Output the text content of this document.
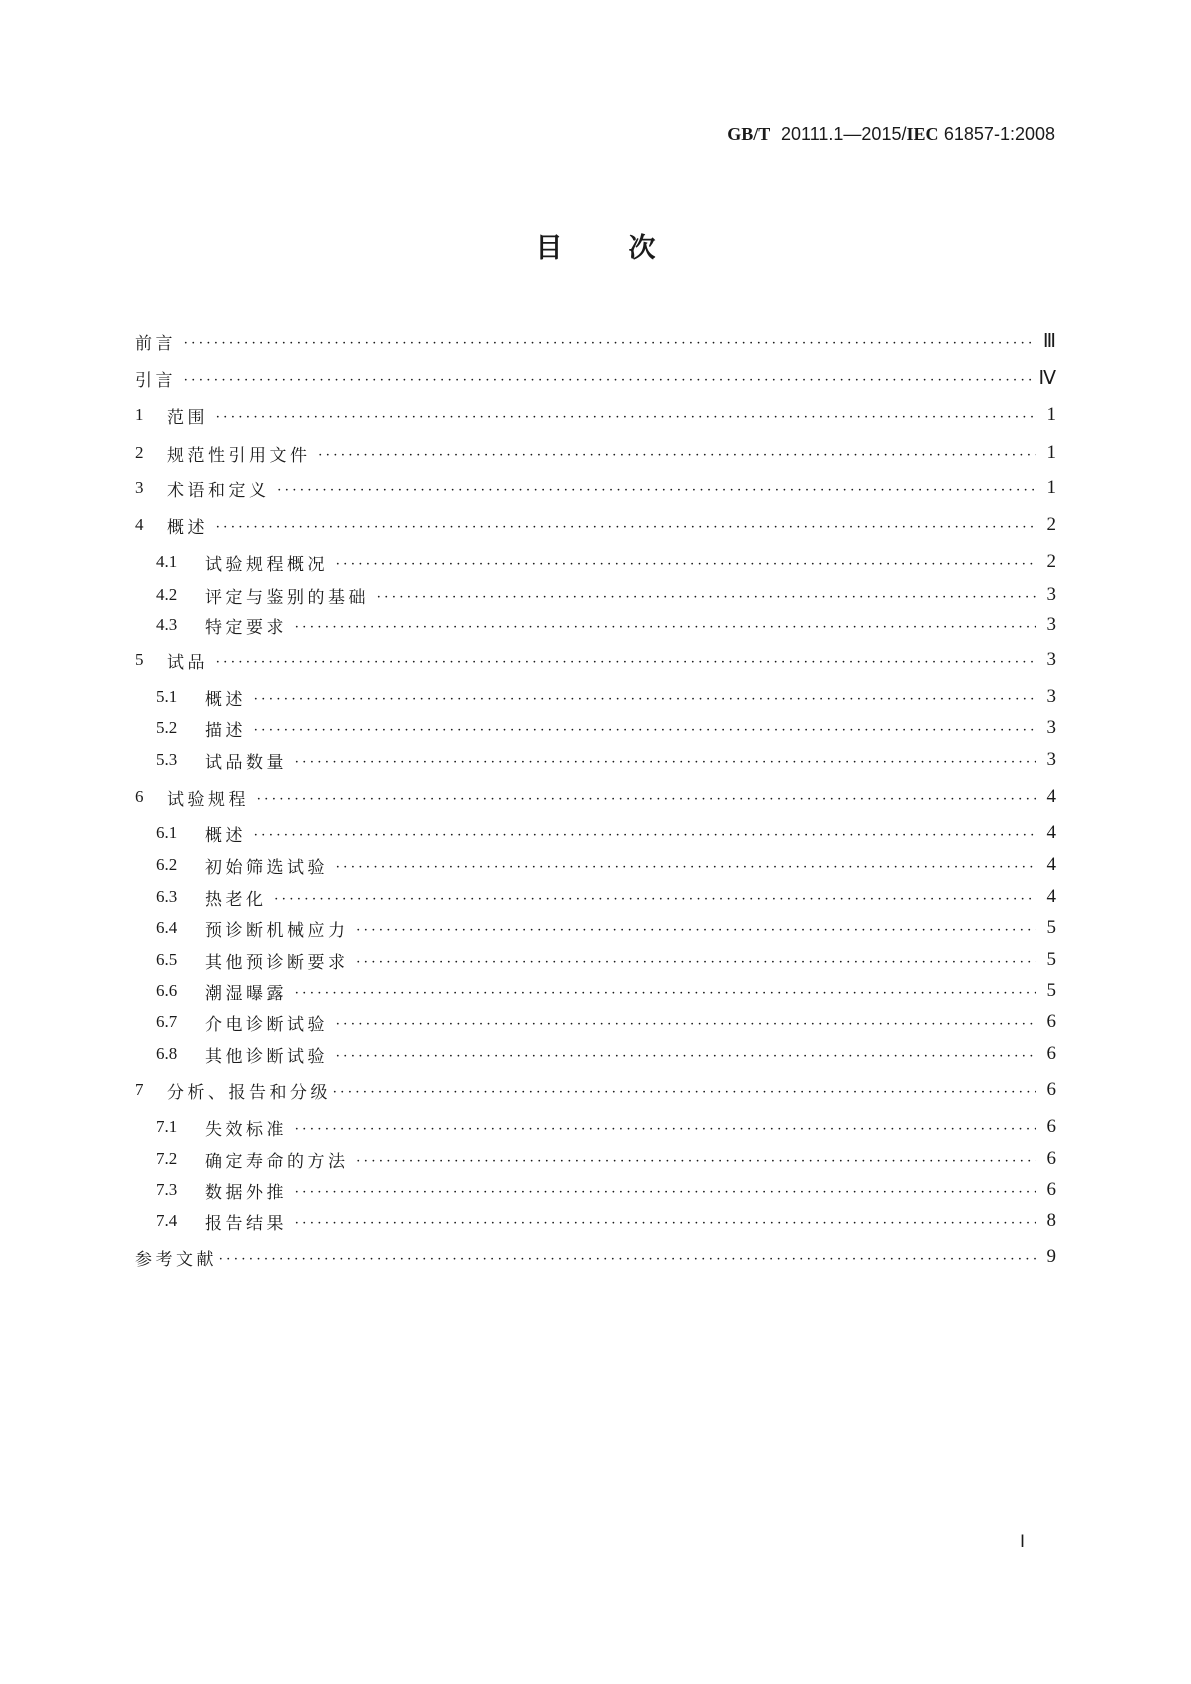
GB/T 20111.1—2015/IEC 61857-1:2008
目次
前言 •••••	Ⅲ
引言 •••••	Ⅳ
1	范围 •••••	1
2	规范性引用文件 •••••	1
3	术语和定义 •••••	1
4	概述 •••••	2
4.1	试验规程概况 •••••	2
4.2	评定与鉴别的基础 •••••	3
4.3	特定要求 •••••	3
5	试品 •••••	3
5.1	概述 •••••	3
5.2	描述 •••••	3
5.3	试品数量 •••••	3
6	试验规程 •••••	4
6.1	概述 •••••	4
6.2	初始筛选试验 •••••	4
6.3	热老化 •••••	4
6.4	预诊断机械应力 •••••	5
6.5	其他预诊断要求 •••••	5
6.6	潮湿曝露 •••••	5
6.7	介电诊断试验 •••••	6
6.8	其他诊断试验 •••••	6
7	分析、报告和分级 •••••	6
7.1	失效标准 •••••	6
7.2	确定寿命的方法 •••••	6
7.3	数据外推 •••••	6
7.4	报告结果 •••••	8
参考文献 •••••	9
Ⅰ
